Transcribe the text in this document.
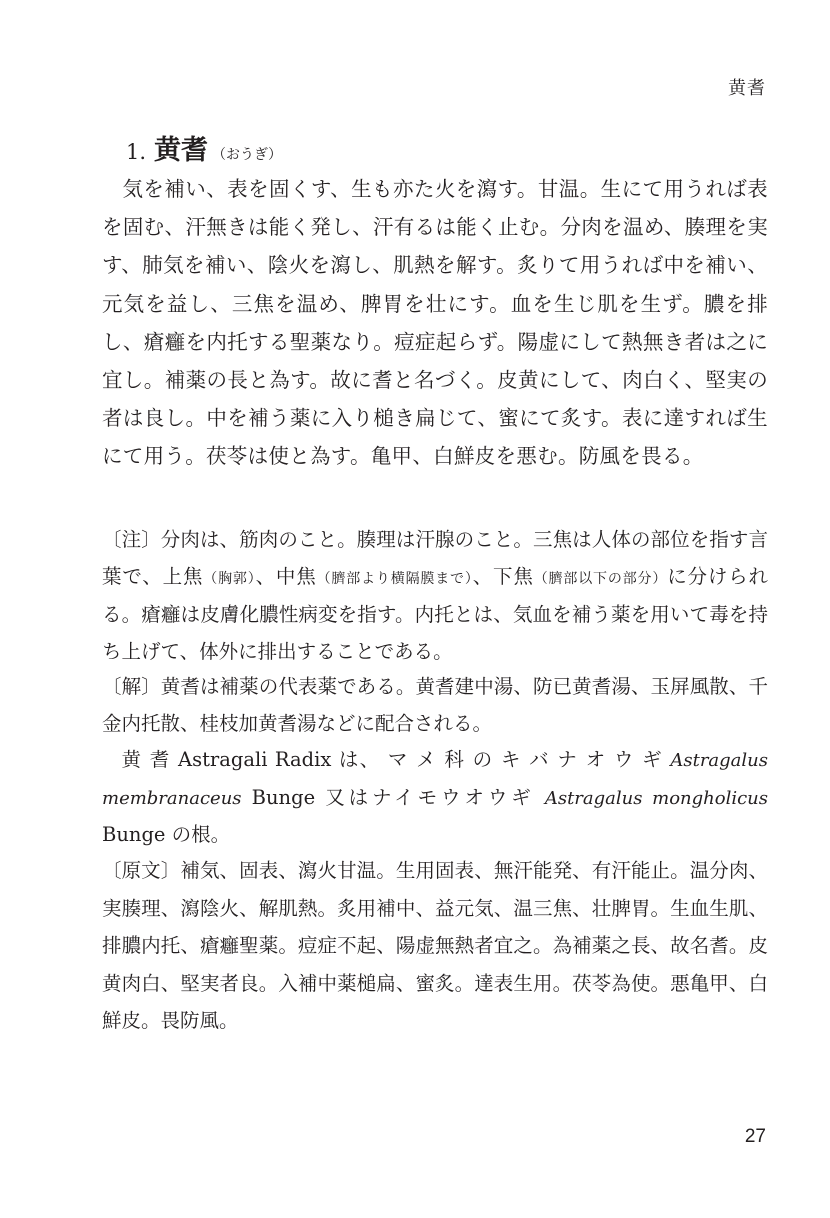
黄耆
1. 黄耆 （おうぎ）

気を補い、表を固くす、生も亦た火を瀉す。甘温。生にて用うれば表を固む、汗無きは能く発し、汗有るは能く止む。分肉を温め、腠理を実す、肺気を補い、陰火を瀉し、肌熱を解す。炙りて用うれば中を補い、元気を益し、三焦を温め、脾胃を壮にす。血を生じ肌を生ず。膿を排し、瘡癰を内托する聖薬なり。痘症起らず。陽虚にして熱無き者は之に宜し。補薬の長と為す。故に耆と名づく。皮黄にして、肉白く、堅実の者は良し。中を補う薬に入り槌き扁じて、蜜にて炙す。表に達すれば生にて用う。茯苓は使と為す。亀甲、白鮮皮を悪む。防風を畏る。

〔注〕分肉は、筋肉のこと。腠理は汗腺のこと。三焦は人体の部位を指す言葉で、上焦（胸郭）、中焦（臍部より横隔膜まで）、下焦（臍部以下の部分）に分けられる。瘡癰は皮膚化膿性病変を指す。内托とは、気血を補う薬を用いて毒を持ち上げて、体外に排出することである。

〔解〕黄耆は補薬の代表薬である。黄耆建中湯、防已黄耆湯、玉屏風散、千金内托散、桂枝加黄耆湯などに配合される。

黄 耆 Astragali Radix は、 マ メ 科 の キ バ ナ オ ウ ギ Astragalus membranaceus Bunge 又はナイモウオウギ Astragalus mongholicus Bunge の根。

〔原文〕補気、固表、瀉火甘温。生用固表、無汗能発、有汗能止。温分肉、実腠理、瀉陰火、解肌熱。炙用補中、益元気、温三焦、壮脾胃。生血生肌、排膿内托、瘡癰聖薬。痘症不起、陽虚無熱者宜之。為補薬之長、故名耆。皮黄肉白、堅実者良。入補中薬槌扁、蜜炙。達表生用。茯苓為使。悪亀甲、白鮮皮。畏防風。

27
